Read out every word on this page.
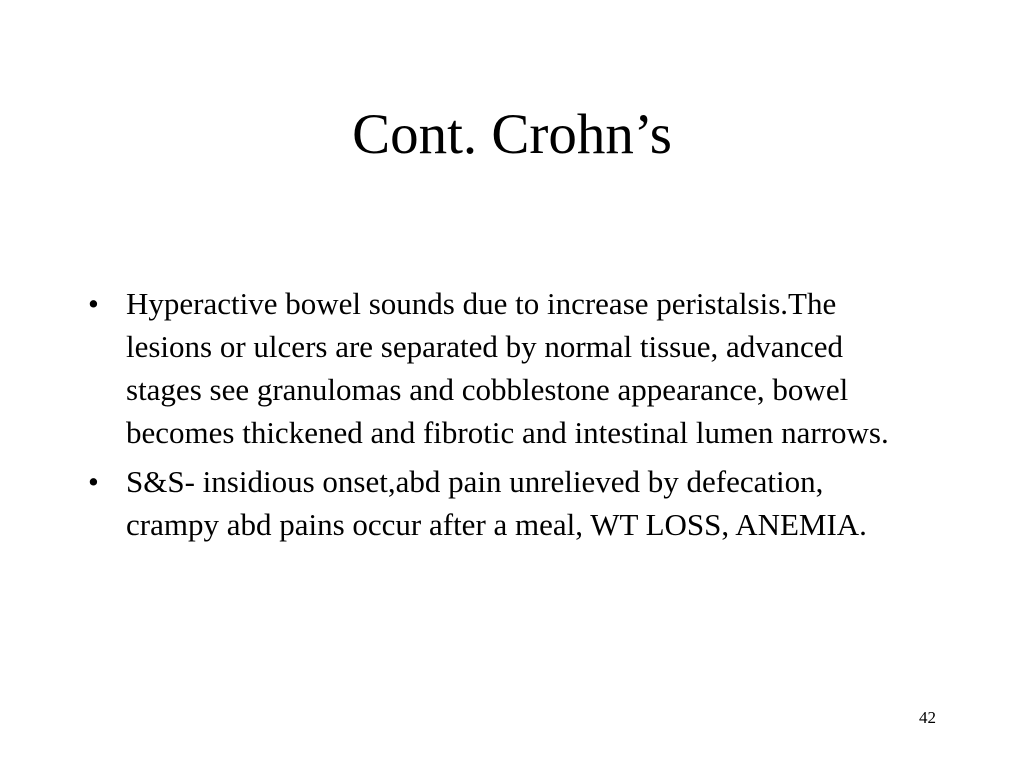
Cont. Crohn’s
• Hyperactive bowel sounds due to increase peristalsis.The lesions or ulcers are separated by normal tissue, advanced stages see granulomas and cobblestone appearance, bowel becomes thickened and fibrotic and intestinal lumen narrows.
• S&S- insidious onset,abd pain unrelieved by defecation, crampy abd pains occur after a meal, WT LOSS, ANEMIA.
42
